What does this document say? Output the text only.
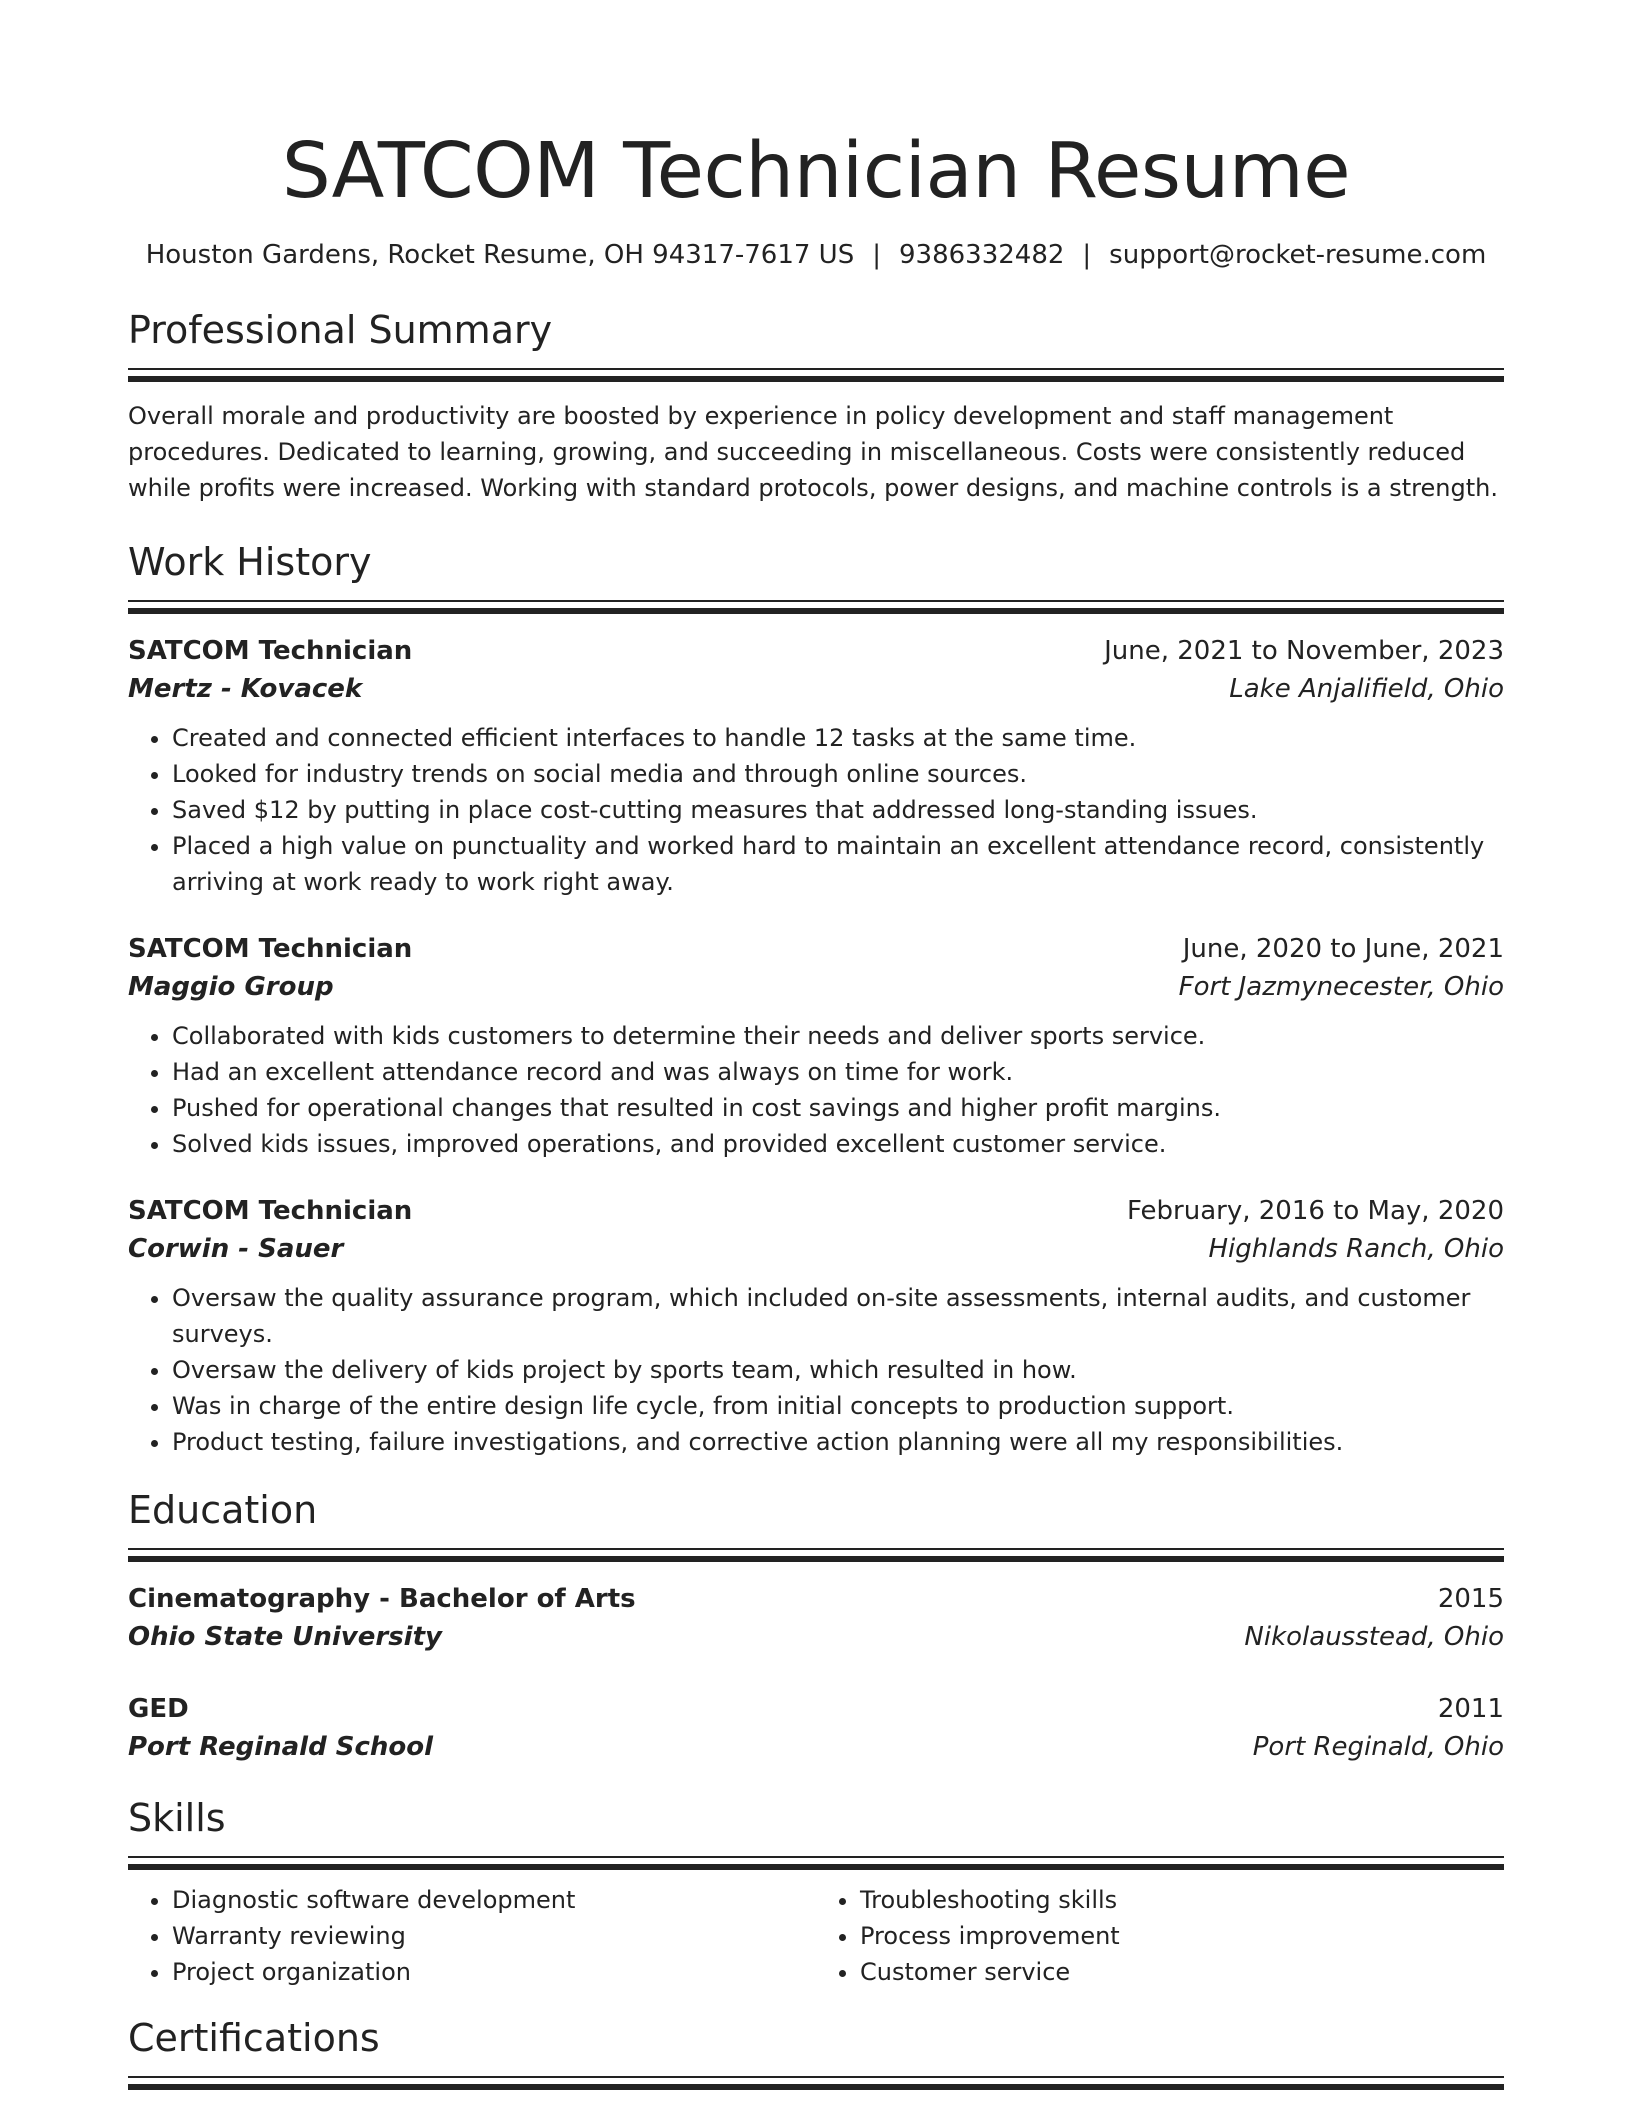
SATCOM Technician Resume
Houston Gardens, Rocket Resume, OH 94317-7617 US | 9386332482 | support@rocket-resume.com
Professional Summary

Overall morale and productivity are boosted by experience in policy development and staff management procedures. Dedicated to learning, growing, and succeeding in miscellaneous. Costs were consistently reduced while profits were increased. Working with standard protocols, power designs, and machine controls is a strength.

Work History
SATCOM Technician	June, 2021 to November, 2023
Mertz - Kovacek	Lake Anjalifield, Ohio
• Created and connected efficient interfaces to handle 12 tasks at the same time.
• Looked for industry trends on social media and through online sources.
• Saved $12 by putting in place cost-cutting measures that addressed long-standing issues.
• Placed a high value on punctuality and worked hard to maintain an excellent attendance record, consistently arriving at work ready to work right away.
SATCOM Technician	June, 2020 to June, 2021
Maggio Group	Fort Jazmynecester, Ohio
• Collaborated with kids customers to determine their needs and deliver sports service.
• Had an excellent attendance record and was always on time for work.
• Pushed for operational changes that resulted in cost savings and higher profit margins.
• Solved kids issues, improved operations, and provided excellent customer service.
SATCOM Technician	February, 2016 to May, 2020
Corwin - Sauer	Highlands Ranch, Ohio
• Oversaw the quality assurance program, which included on-site assessments, internal audits, and customer surveys.
• Oversaw the delivery of kids project by sports team, which resulted in how.
• Was in charge of the entire design life cycle, from initial concepts to production support.
• Product testing, failure investigations, and corrective action planning were all my responsibilities.
Education
Cinematography - Bachelor of Arts	2015
Ohio State University	Nikolausstead, Ohio
GED	2011
Port Reginald School	Port Reginald, Ohio
Skills
• Diagnostic software development
• Warranty reviewing
• Project organization
• Troubleshooting skills
• Process improvement
• Customer service
Certifications
